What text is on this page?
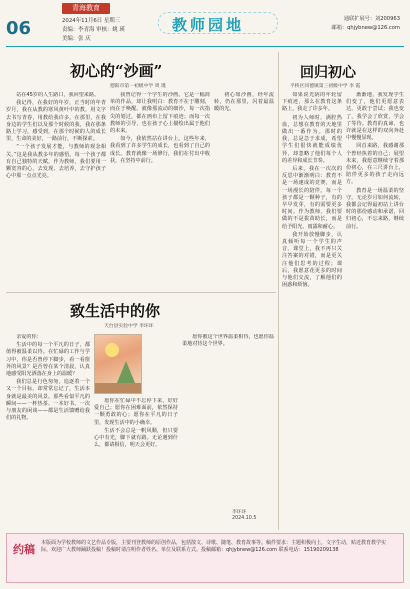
06
青海教育
2024年11月6日 星期三
责编：李青海 审核：姚 瑛
美编：张 庆
教师园地	通联扩展号：刘200963
邮箱：qhjybnew@126.com
初心的“沙画”
德阳市第一初级中学 周 瑾

站在45岁的人生路口，我回望来路。

我记得，在我好的年岁，正当时的年青岁月，我在从教的寒风黄叶中的教，用文字去书写青春，用教给我许多，在那里，在我身边的学生们以及那个时候的我，我在那条路上学习，感受到，在那个时候的人的成长里，生命的美好，一路前行，不断探索。

“一个孩子发展才能，与教师的观念相关。”这是我从教多年的感悟。每一个孩子都有自己独特的天赋，作为教师，我们要用一颗宽容的心，去发现、去培养，去守护孩子心中那一点点光亮。

我曾记得一个学生的沙画。它是一幅简单的作品，却让我明白：教育不在于雕刻，而在于唤醒。就像那流动的细沙，每一次指尖的划过，都在画布上留下痕迹；而每一次教师的引导，也在孩子心上描绘出属于他们的未来。

如今，我依然站在讲台上。这些年来，我看到了许多学生的成长，也看到了自己的成长。教育就像一场修行，我们在付出中收获，在坚持中前行。

初心如沙画，经年流转，仍在那里，闪着最温暖的光。

回归初心
平桥区同德镇第三初级中学 李 霞

如果说光阴的年轮留下痕迹，那么在教育这条路上，我走了许多年。

初为人师时，满腔热血，总想在教育的天地里做出一番作为。那时的我，总是急于求成，希望学生们很快就能成绩优异，却忽略了他们每个人的差异和成长节奏。

后来，我在一次次的反思中渐渐明白：教育不是一场速成的竞赛，而是一场漫长的陪伴。每一个孩子都是一颗种子，有的早早发芽，有的需要更多时间。作为教师，我们要做的不是拔苗助长，而是给予阳光、雨露和耐心。

我开始放慢脚步，认真倾听每一个学生的声音。课堂上，我不再只关注答案的对错，而是更关注他们思考的过程；课后，我愿意花更多的时间与他们交流，了解他们的困惑和烦恼。

渐渐地，我发现学生们变了，他们更愿意表达，更敢于尝试；我也变了，我学会了欣赏，学会了等待。教育的真谛，也许就是在这样的双向奔赴中慢慢显现。

回首来路，我感谢那个曾经执着的自己；展望未来，我愿意继续守着那份初心，在三尺讲台上，陪伴更多的孩子走向远方。

教育是一场温柔的坚守。无论岁月如何流转，我都会记得最初站上讲台时的那份感动和承诺，回归初心，不忘来路，继续前行。

致生活中的你
天台县实验中学 李环环

亲爱的你：

生活中的每一个平凡的日子，都值得被温柔以待。在忙碌的工作与学习中，你是否曾停下脚步，看一看窗外的风景？是否曾在某个清晨，认真地感受阳光洒落在身上的温暖？

我们总是行色匆匆，追逐着一个又一个目标，却常常忘记了，生活本身就是最美的风景。那些看似平凡的瞬间——一杯热茶、一本好书、一次与朋友的闲谈——都是生活馈赠给我们的礼物。

愿你在忙碌中不忘停下来，好好爱自己；愿你在困难面前，依然保持一颗勇敢的心；愿你在平凡的日子里，发现生活中的小确幸。

生活不会总是一帆风顺，但只要心中有光，脚下就有路。无论遇到什么，都请相信，明天会更好。

愿你被这个世界温柔相待，也愿你温柔地对待这个世界。

李环环
2024.10.5
约稿 本版面为学校教师的文艺作品专版，主要刊登教师的原创作品，包括散文、诗歌、随笔、教育故事等。稿件要求：主题积极向上，文字生动，贴近教育教学实际。欢迎广大教师踊跃投稿！投稿时请注明作者姓名、单位及联系方式。投稿邮箱：qhjybnew@126.com 联系电话：15190209138
